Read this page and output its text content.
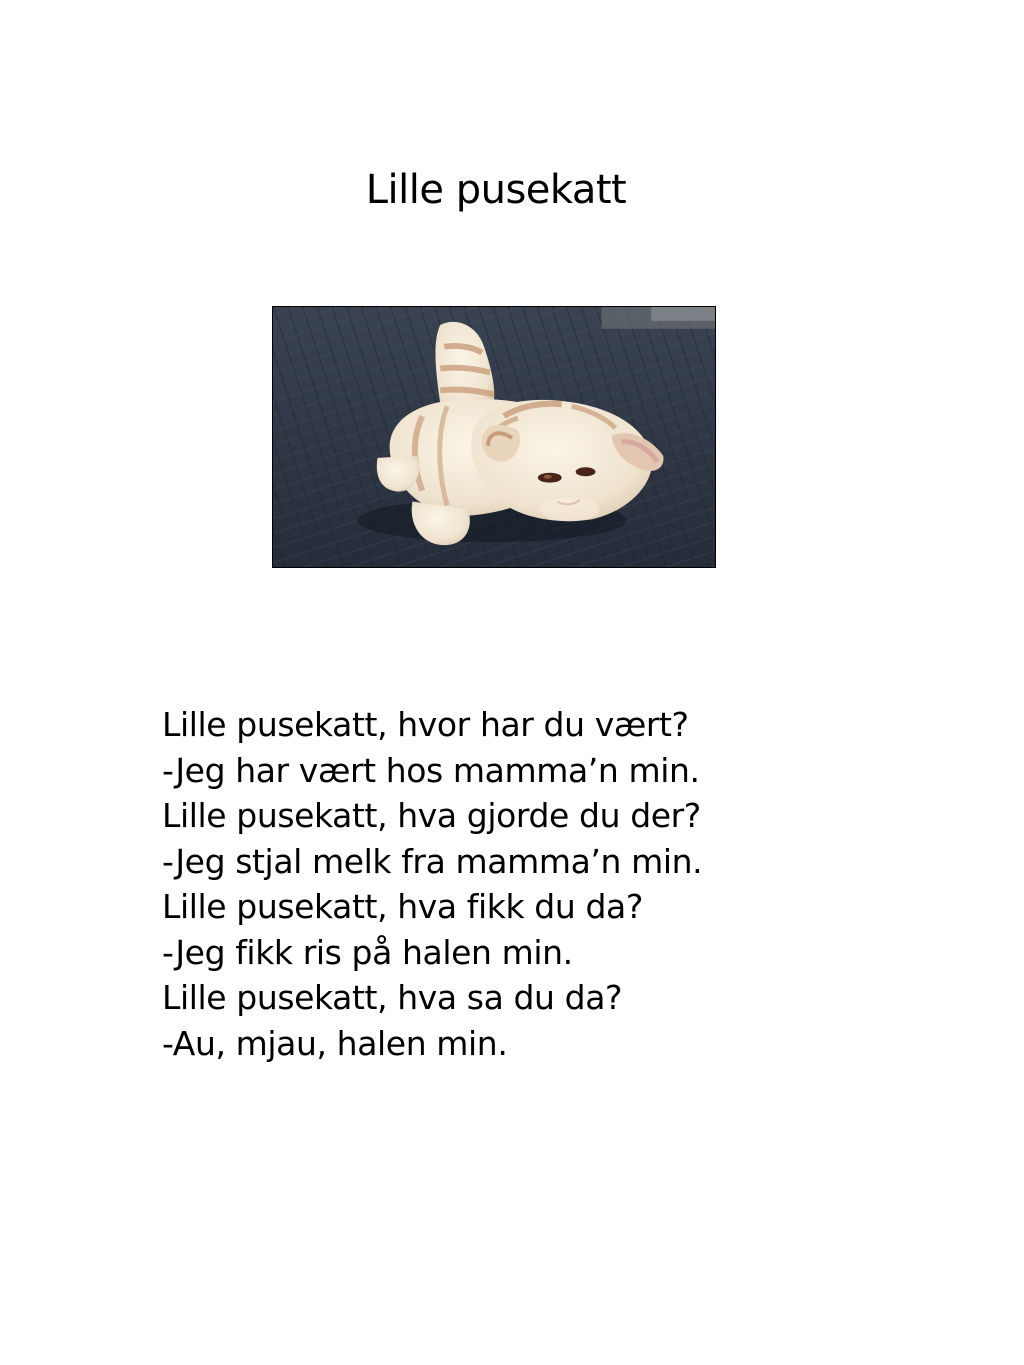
Lille pusekatt
Lille pusekatt, hvor har du vært?
-Jeg har vært hos mamma’n min.
Lille pusekatt, hva gjorde du der?
-Jeg stjal melk fra mamma’n min.
Lille pusekatt, hva fikk du da?
-Jeg fikk ris på halen min.
Lille pusekatt, hva sa du da?
-Au, mjau, halen min.
